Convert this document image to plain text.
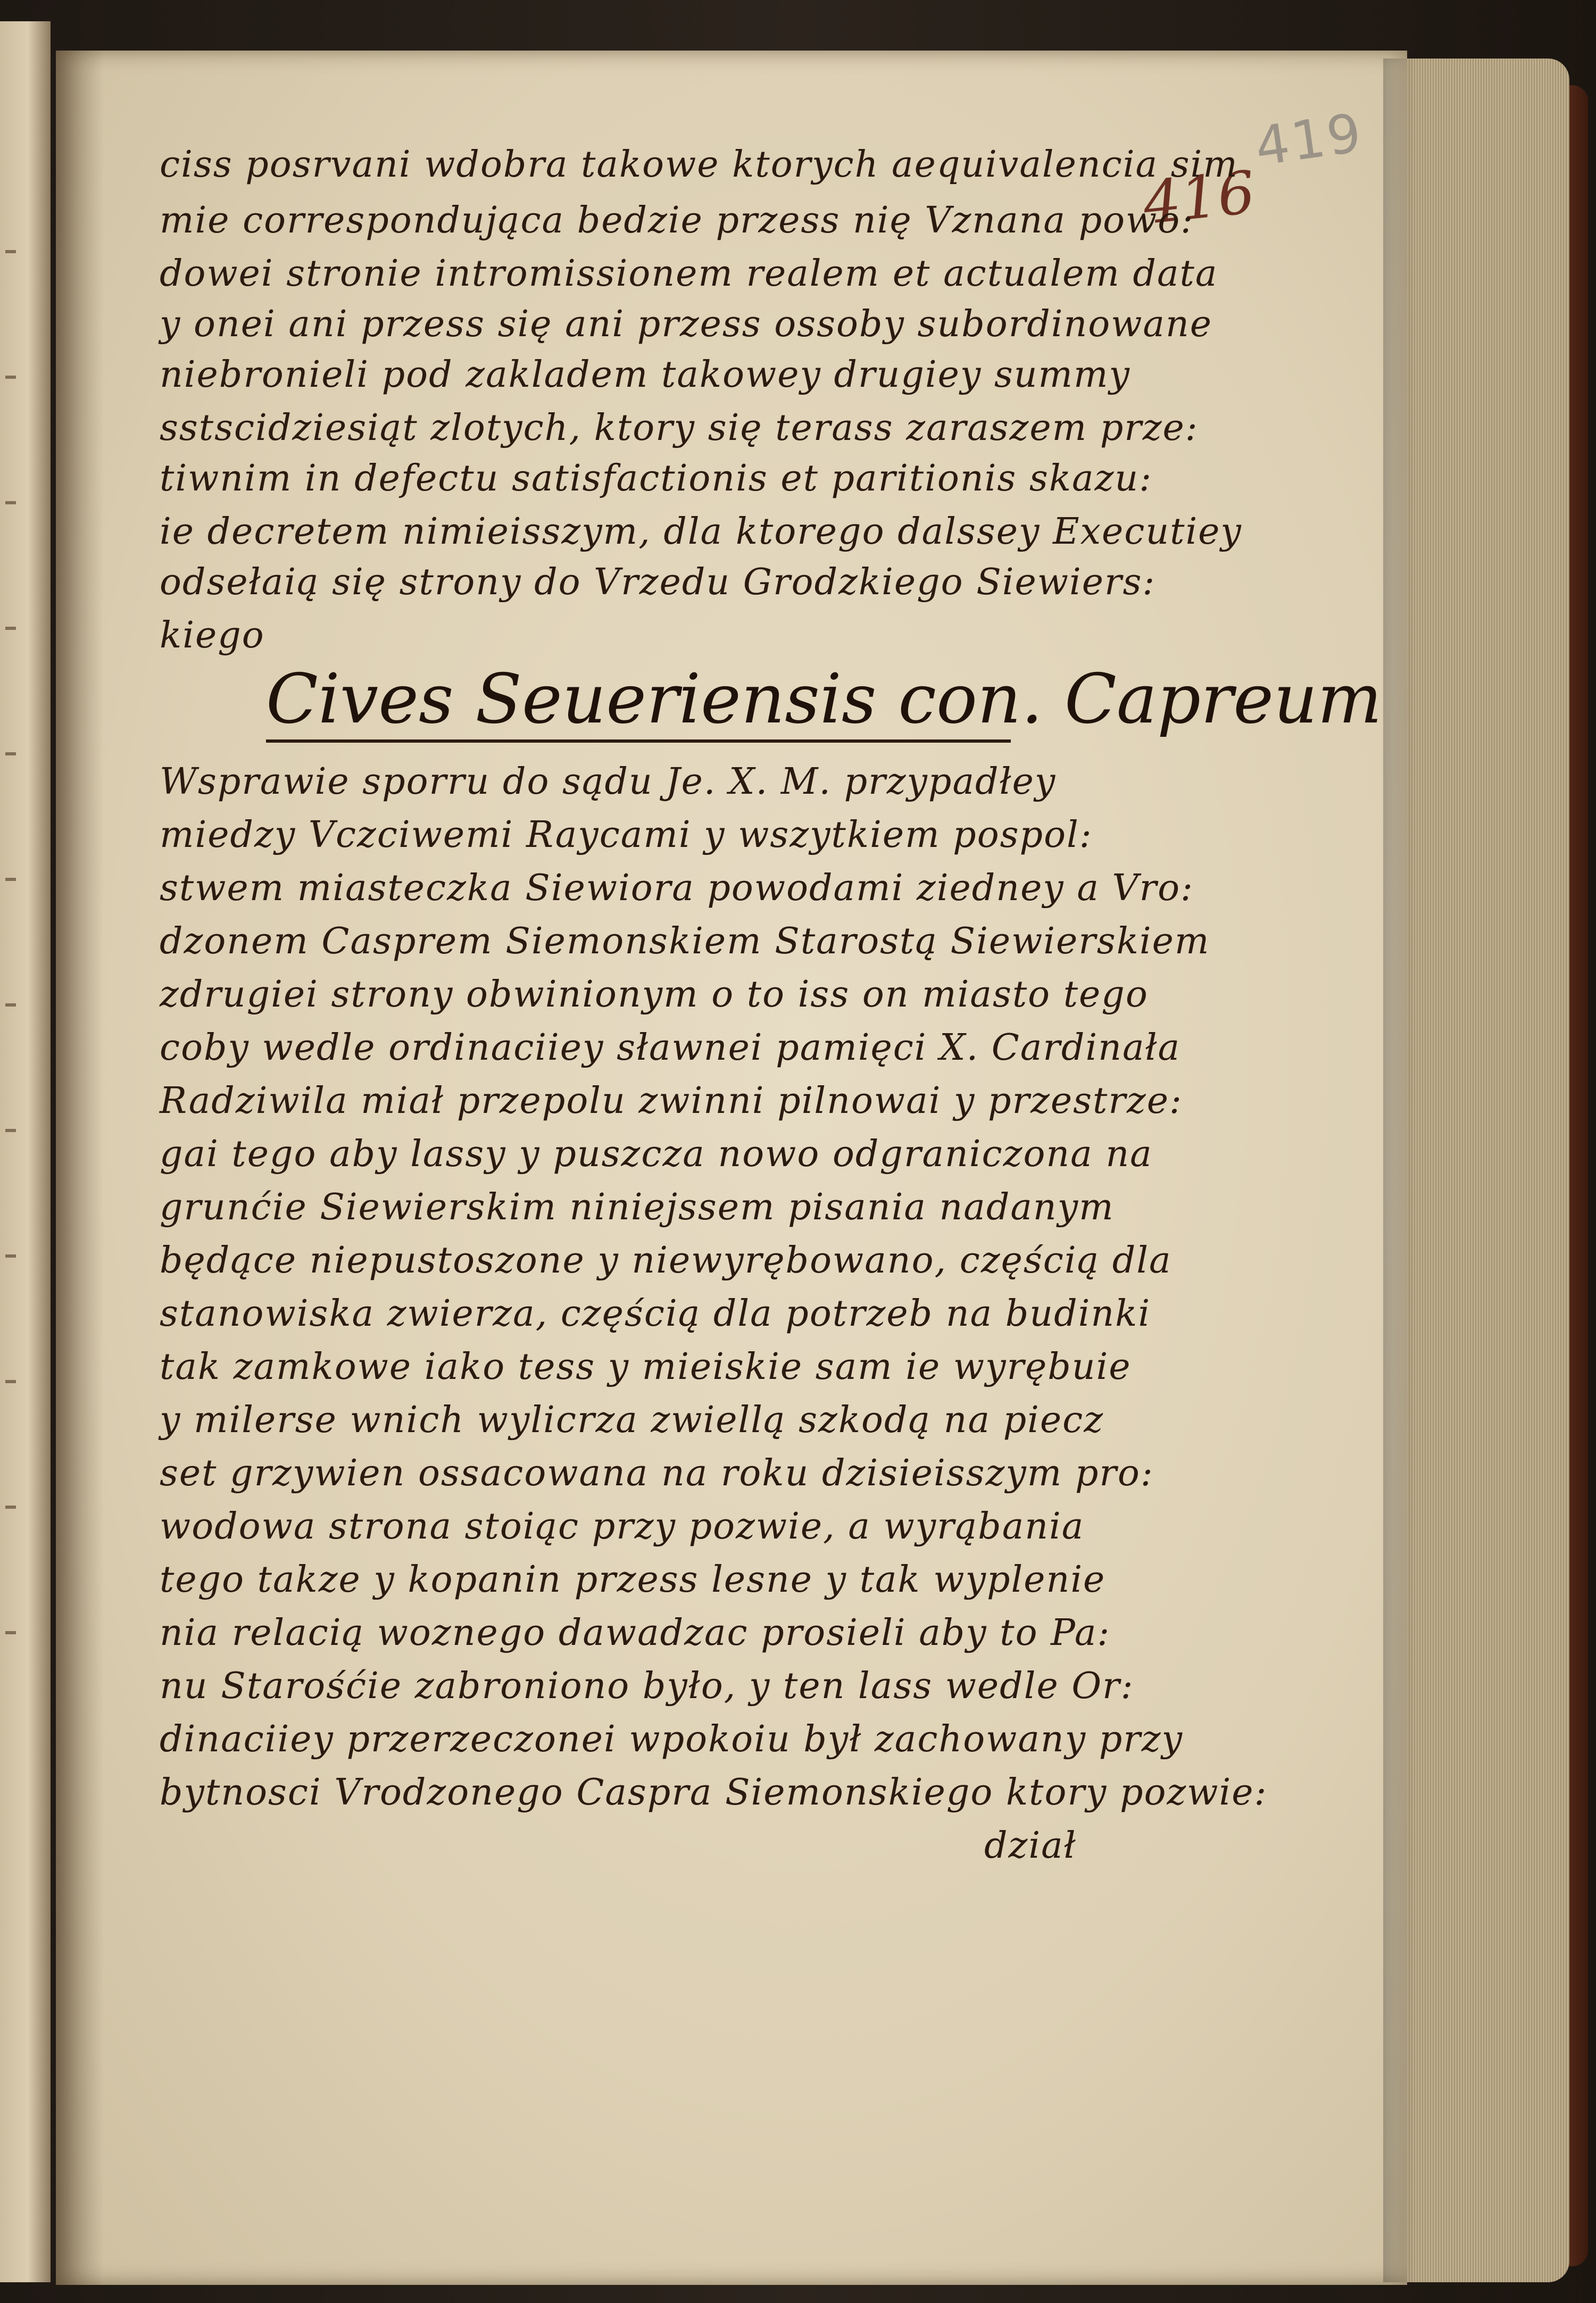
419
416
ciss posrvani wdobra takowe ktorych aequivalencia sim
mie correspondująca bedzie przess nię Vznana powo:
dowei stronie intromissionem realem et actualem data
y onei ani przess się ani przess ossoby subordinowane
niebronieli pod zakladem takowey drugiey summy
sstscidziesiąt zlotych, ktory się terass zaraszem prze:
tiwnim in defectu satisfactionis et paritionis skazu:
ie decretem nimieisszym, dla ktorego dalssey Executiey
odsełaią się strony do Vrzedu Grodzkiego Siewiers:
kiego
Cives Seueriensis con. Capreum
Wsprawie sporru do sądu Je. X. M. przypadłey
miedzy Vczciwemi Raycami y wszytkiem pospol:
stwem miasteczka Siewiora powodami ziedney a Vro:
dzonem Casprem Siemonskiem Starostą Siewierskiem
zdrugiei strony obwinionym o to iss on miasto tego
coby wedle ordinaciiey sławnei pamięci X. Cardinała
Radziwila miał przepolu zwinni pilnowai y przestrze:
gai tego aby lassy y puszcza nowo odgraniczona na
grunćie Siewierskim niniejssem pisania nadanym
będące niepustoszone y niewyrębowano, częścią dla
stanowiska zwierza, częścią dla potrzeb na budinki
tak zamkowe iako tess y mieiskie sam ie wyrębuie
y milerse wnich wylicrza zwiellą szkodą na piecz
set grzywien ossacowana na roku dzisieisszym pro:
wodowa strona stoiąc przy pozwie, a wyrąbania
tego takze y kopanin przess lesne y tak wyplenie
nia relacią woznego dawadzac prosieli aby to Pa:
nu Starośćie zabroniono było, y ten lass wedle Or:
dinaciiey przerzeczonei wpokoiu był zachowany przy
bytnosci Vrodzonego Caspra Siemonskiego ktory pozwie:
dział
